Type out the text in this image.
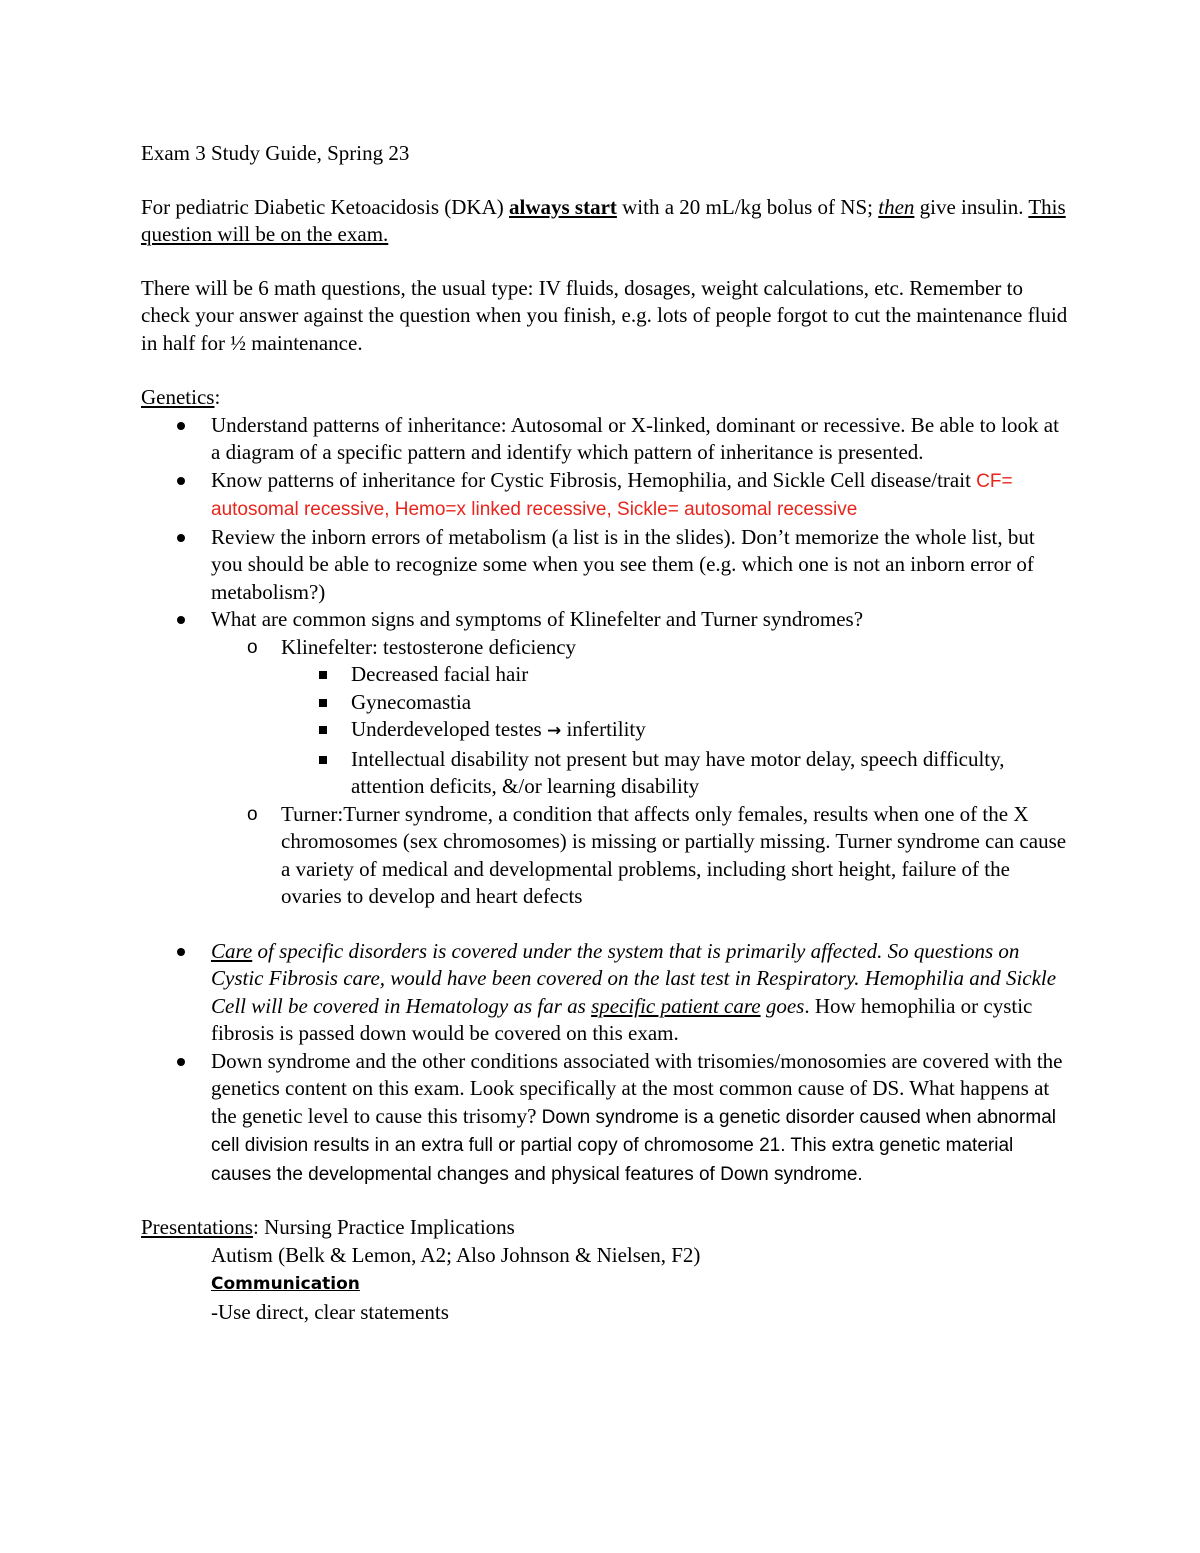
Exam 3 Study Guide, Spring 23

For pediatric Diabetic Ketoacidosis (DKA) always start with a 20 mL/kg bolus of NS; then give insulin. This question will be on the exam.

There will be 6 math questions, the usual type: IV fluids, dosages, weight calculations, etc. Remember to check your answer against the question when you finish, e.g. lots of people forgot to cut the maintenance fluid in half for ½ maintenance.

Genetics:

Understand patterns of inheritance: Autosomal or X-linked, dominant or recessive. Be able to look at a diagram of a specific pattern and identify which pattern of inheritance is presented.
Know patterns of inheritance for Cystic Fibrosis, Hemophilia, and Sickle Cell disease/trait CF= autosomal recessive, Hemo=x linked recessive, Sickle= autosomal recessive
Review the inborn errors of metabolism (a list is in the slides). Don’t memorize the whole list, but you should be able to recognize some when you see them (e.g. which one is not an inborn error of metabolism?)
What are common signs and symptoms of Klinefelter and Turner syndromes?
o	Klinefelter: testosterone deficiency
Decreased facial hair
Gynecomastia
Underdeveloped testes → infertility
Intellectual disability not present but may have motor delay, speech difficulty, attention deficits, &/or learning disability
o	Turner:Turner syndrome, a condition that affects only females, results when one of the X chromosomes (sex chromosomes) is missing or partially missing. Turner syndrome can cause a variety of medical and developmental problems, including short height, failure of the ovaries to develop and heart defects
Care of specific disorders is covered under the system that is primarily affected. So questions on Cystic Fibrosis care, would have been covered on the last test in Respiratory. Hemophilia and Sickle Cell will be covered in Hematology as far as specific patient care goes. How hemophilia or cystic fibrosis is passed down would be covered on this exam.
Down syndrome and the other conditions associated with trisomies/monosomies are covered with the genetics content on this exam. Look specifically at the most common cause of DS. What happens at the genetic level to cause this trisomy? Down syndrome is a genetic disorder caused when abnormal cell division results in an extra full or partial copy of chromosome 21. This extra genetic material causes the developmental changes and physical features of Down syndrome.

Presentations: Nursing Practice Implications

Autism (Belk & Lemon, A2; Also Johnson & Nielsen, F2)

Communication

-Use direct, clear statements
